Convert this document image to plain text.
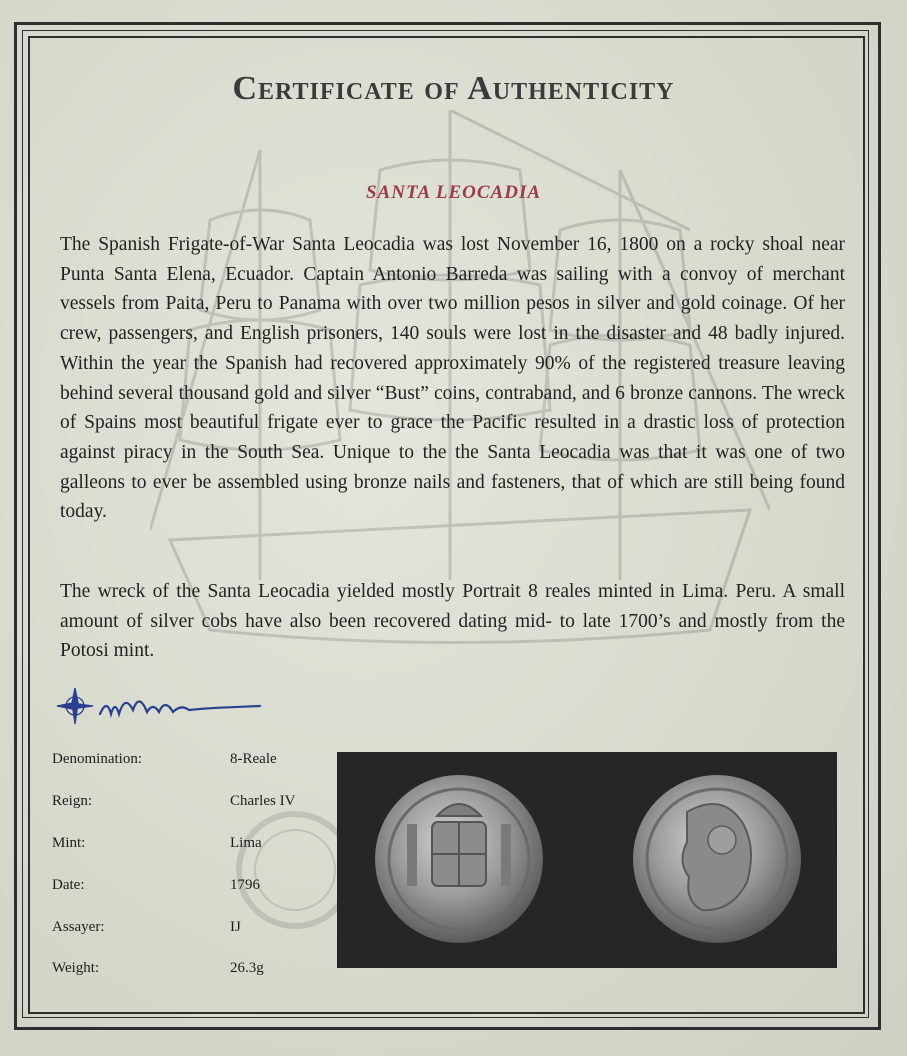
Certificate of Authenticity
SANTA LEOCADIA
The Spanish Frigate-of-War Santa Leocadia was lost November 16, 1800 on a rocky shoal near Punta Santa Elena, Ecuador. Captain Antonio Barreda was sailing with a convoy of merchant vessels from Paita, Peru to Panama with over two million pesos in silver and gold coinage. Of her crew, passengers, and English prisoners, 140 souls were lost in the disaster and 48 badly injured. Within the year the Spanish had recovered approximately 90% of the registered treasure leaving behind several thousand gold and silver “Bust” coins, contraband, and 6 bronze cannons. The wreck of Spains most beautiful frigate ever to grace the Pacific resulted in a drastic loss of protection against piracy in the South Sea. Unique to the the Santa Leocadia was that it was one of two galleons to ever be assembled using bronze nails and fasteners, that of which are still being found today.
The wreck of the Santa Leocadia yielded mostly Portrait 8 reales minted in Lima. Peru. A small amount of silver cobs have also been recovered dating mid- to late 1700’s and mostly from the Potosi mint.
Denomination:	8-Reale
Reign:	Charles IV
Mint:	Lima
Date:	1796
Assayer:	IJ
Weight:	26.3g
